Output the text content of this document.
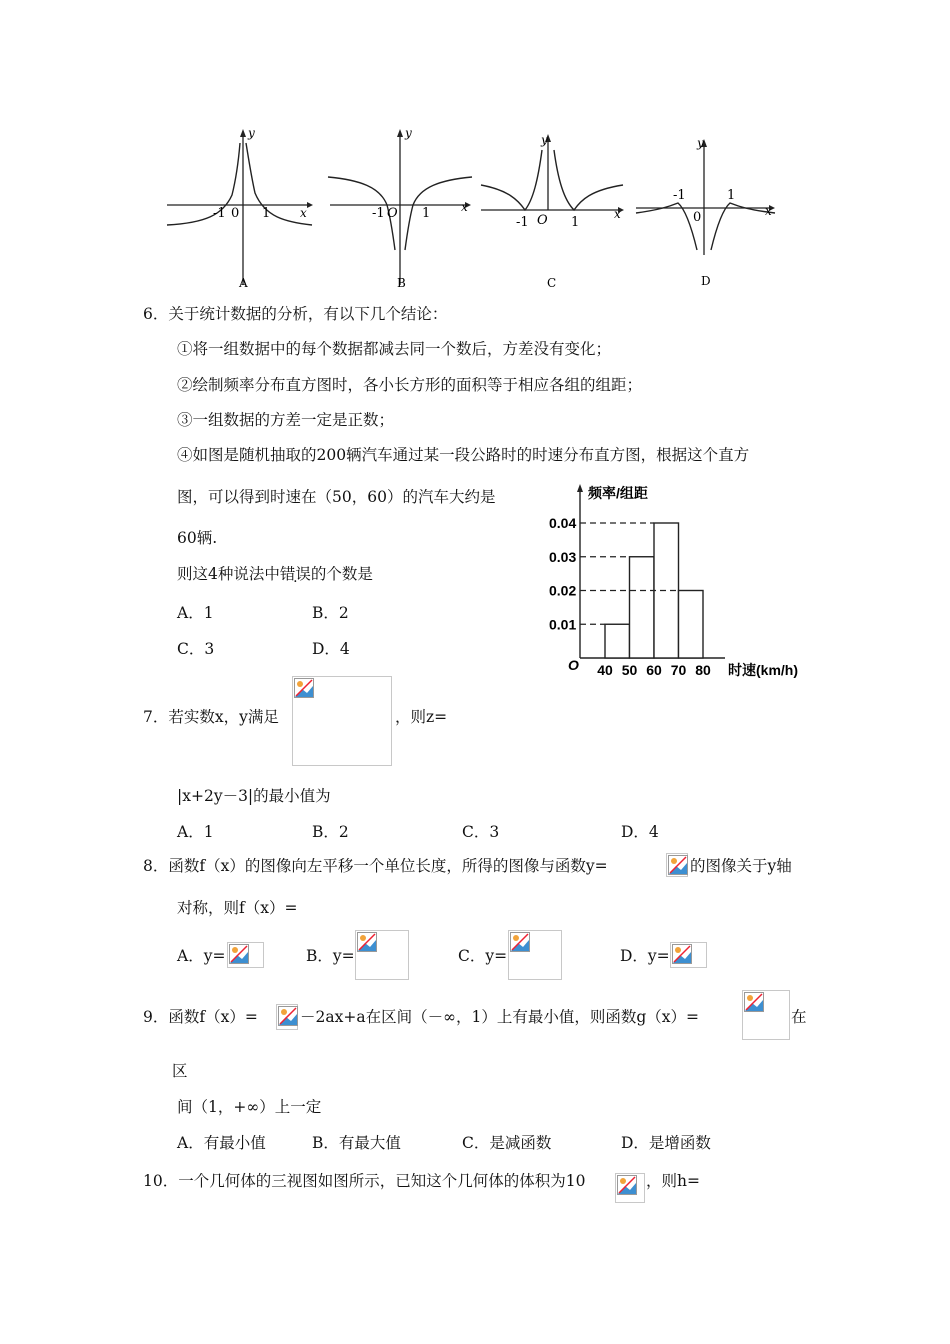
y
x
-1 0 1
A
y
x
-1 O 1
B
y
x
-1 O 1
C
y
x
-1
0
1
D
6．关于统计数据的分析，有以下几个结论：
①将一组数据中的每个数据都减去同一个数后，方差没有变化；
②绘制频率分布直方图时，各小长方形的面积等于相应各组的组距；
③一组数据的方差一定是正数；
④如图是随机抽取的200辆汽车通过某一段公路时的时速分布直方图，根据这个直方
图，可以得到时速在（50，60）的汽车大约是
60辆.
则这4种说法中错误的个数是
A．1	B．2
C．3	D．4
频率/组距
时速(km/h)
O
0.01
0.02
0.03
0.04
40 50 60 70 80
7．若实数x，y满足	，则z=
|x+2y－3|的最小值为
A．1	B．2	C．3	D．4
8．函数f（x）的图像向左平移一个单位长度，所得的图像与函数y=	的图像关于y轴
对称，则f（x）=
A．y=	B．y=	C．y=	D．y=
9．函数f（x）=	－2ax+a在区间（－∞，1）上有最小值，则函数g（x）=	在
区
间（1，+∞）上一定
A．有最小值	B．有最大值	C．是减函数	D．是增函数
10．一个几何体的三视图如图所示，已知这个几何体的体积为10	，则h=
